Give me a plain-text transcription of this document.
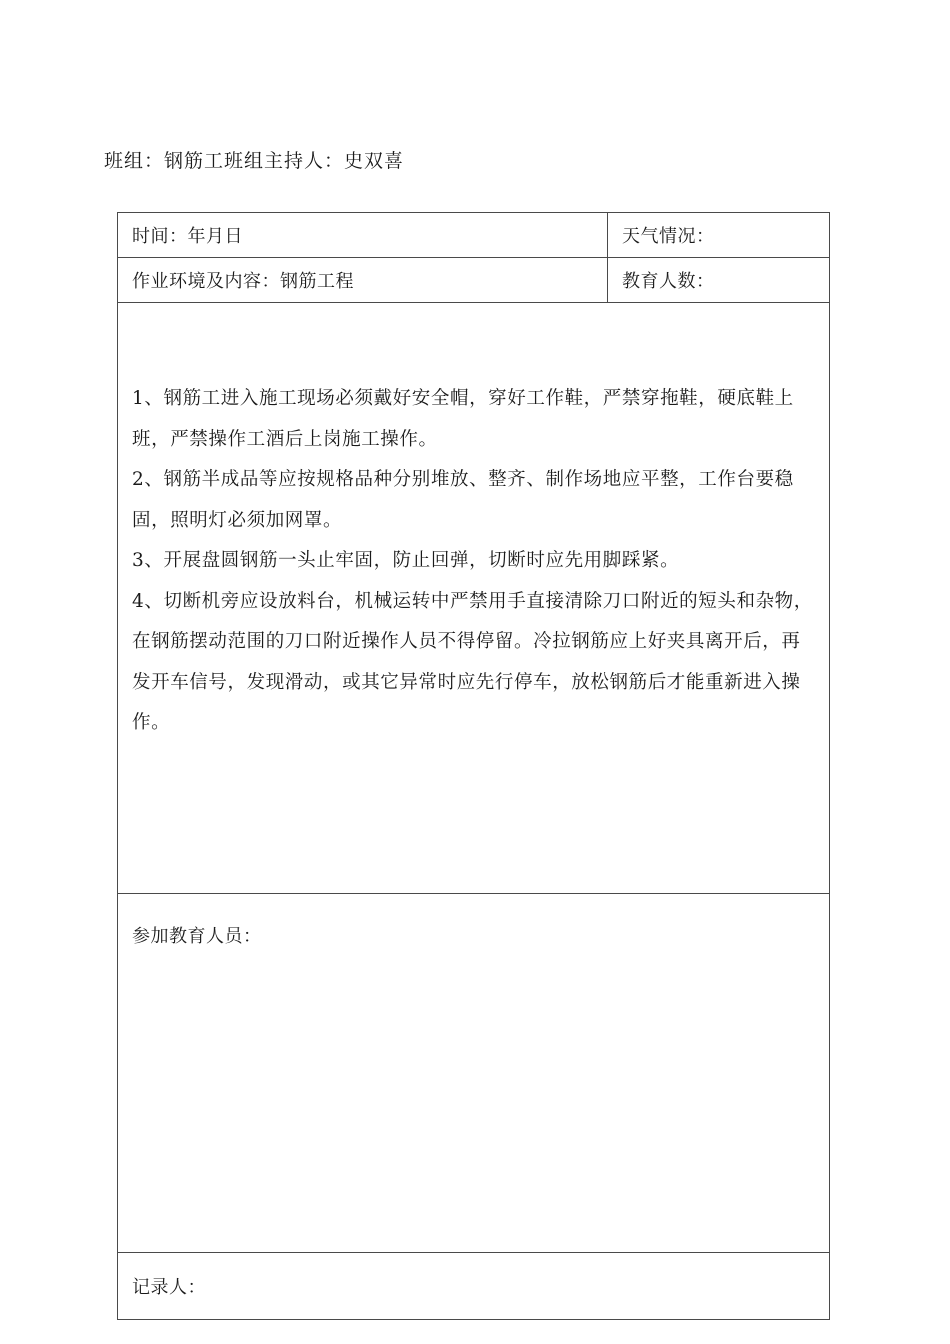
班组：钢筋工班组主持人：史双喜
时间：年月日	天气情况：
作业环境及内容：钢筋工程	教育人数：

1、钢筋工进入施工现场必须戴好安全帽，穿好工作鞋，严禁穿拖鞋，硬底鞋上班，严禁操作工酒后上岗施工操作。

2、钢筋半成品等应按规格品种分别堆放、整齐、制作场地应平整，工作台要稳固，照明灯必须加网罩。

3、开展盘圆钢筋一头止牢固，防止回弹，切断时应先用脚踩紧。

4、切断机旁应设放料台，机械运转中严禁用手直接清除刀口附近的短头和杂物，在钢筋摆动范围的刀口附近操作人员不得停留。冷拉钢筋应上好夹具离开后，再发开车信号，发现滑动，或其它异常时应先行停车，放松钢筋后才能重新进入操作。	

参加教育人员：	
记录人：	
